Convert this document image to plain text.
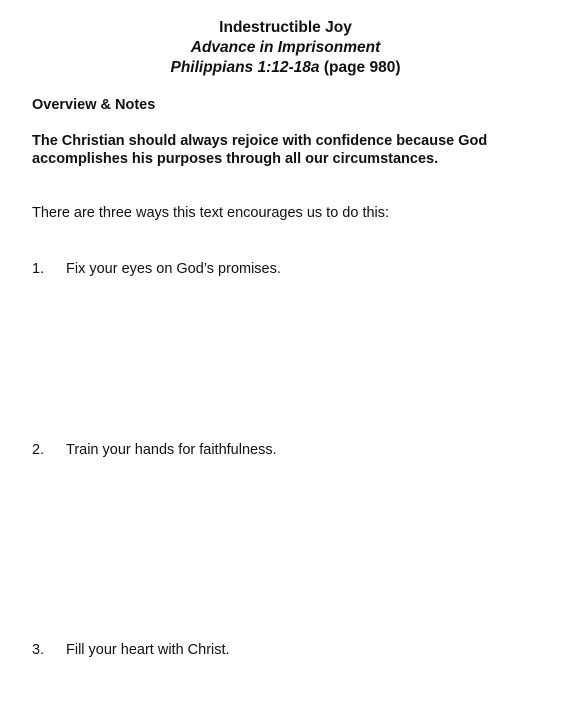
Indestructible Joy
Advance in Imprisonment
Philippians 1:12-18a (page 980)
Overview & Notes
The Christian should always rejoice with confidence because God accomplishes his purposes through all our circumstances.
There are three ways this text encourages us to do this:
1. Fix your eyes on God’s promises.
2. Train your hands for faithfulness.
3. Fill your heart with Christ.
